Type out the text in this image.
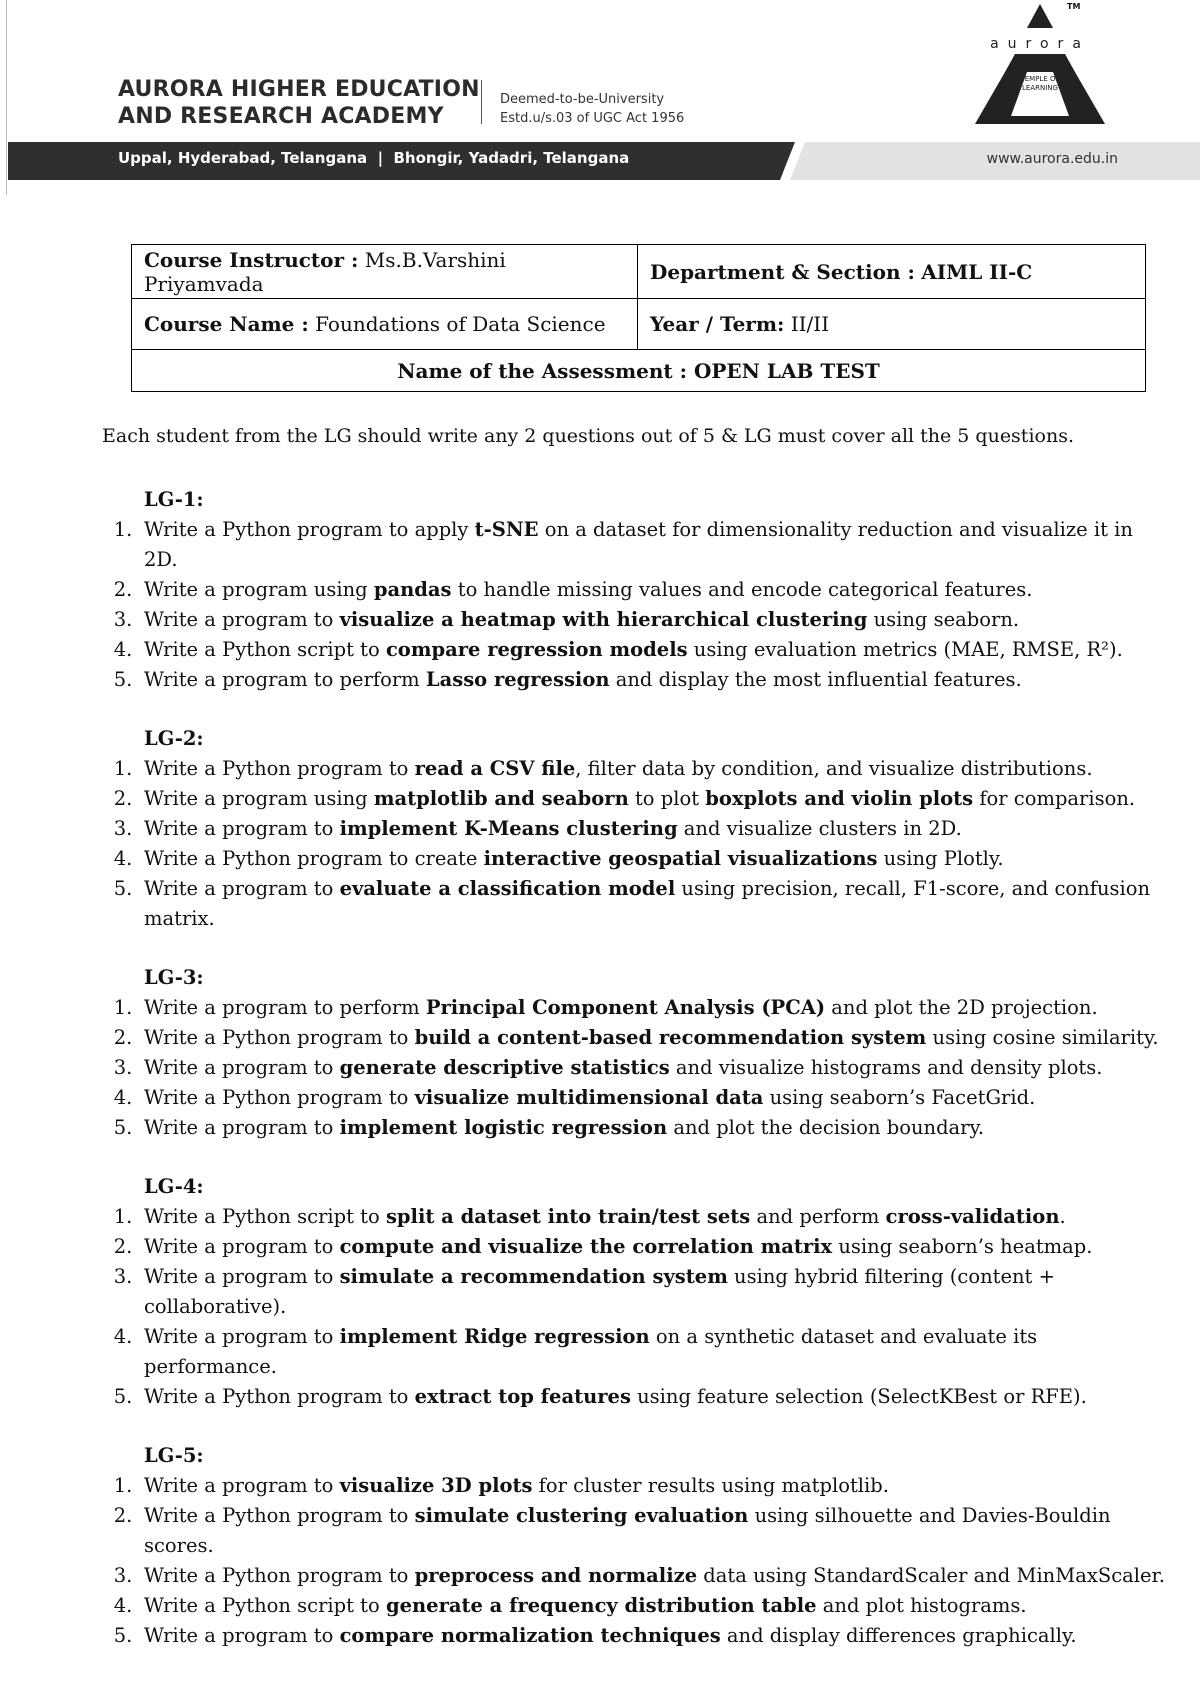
AURORA HIGHER EDUCATION
AND RESEARCH ACADEMY
Deemed-to-be-University
Estd.u/s.03 of UGC Act 1956
TM
aurora
TEMPLE OF LEARNING
Uppal, Hyderabad, Telangana  |  Bhongir, Yadadri, Telangana	www.aurora.edu.in
Course Instructor : Ms.B.Varshini Priyamvada	Department & Section : AIML II-C
Course Name : Foundations of Data Science	Year / Term: II/II
Name of the Assessment : OPEN LAB TEST	
Each student from the LG should write any 2 questions out of 5 & LG must cover all the 5 questions.
LG-1:
1. Write a Python program to apply t-SNE on a dataset for dimensionality reduction and visualize it in 2D.
2. Write a program using pandas to handle missing values and encode categorical features.
3. Write a program to visualize a heatmap with hierarchical clustering using seaborn.
4. Write a Python script to compare regression models using evaluation metrics (MAE, RMSE, R²).
5. Write a program to perform Lasso regression and display the most influential features.
LG-2:
1. Write a Python program to read a CSV file, filter data by condition, and visualize distributions.
2. Write a program using matplotlib and seaborn to plot boxplots and violin plots for comparison.
3. Write a program to implement K-Means clustering and visualize clusters in 2D.
4. Write a Python program to create interactive geospatial visualizations using Plotly.
5. Write a program to evaluate a classification model using precision, recall, F1-score, and confusion matrix.
LG-3:
1. Write a program to perform Principal Component Analysis (PCA) and plot the 2D projection.
2. Write a Python program to build a content-based recommendation system using cosine similarity.
3. Write a program to generate descriptive statistics and visualize histograms and density plots.
4. Write a Python program to visualize multidimensional data using seaborn’s FacetGrid.
5. Write a program to implement logistic regression and plot the decision boundary.
LG-4:
1. Write a Python script to split a dataset into train/test sets and perform cross-validation.
2. Write a program to compute and visualize the correlation matrix using seaborn’s heatmap.
3. Write a program to simulate a recommendation system using hybrid filtering (content + collaborative).
4. Write a program to implement Ridge regression on a synthetic dataset and evaluate its performance.
5. Write a Python program to extract top features using feature selection (SelectKBest or RFE).
LG-5:
1. Write a program to visualize 3D plots for cluster results using matplotlib.
2. Write a Python program to simulate clustering evaluation using silhouette and Davies-Bouldin scores.
3. Write a Python program to preprocess and normalize data using StandardScaler and MinMaxScaler.
4. Write a Python script to generate a frequency distribution table and plot histograms.
5. Write a program to compare normalization techniques and display differences graphically.
